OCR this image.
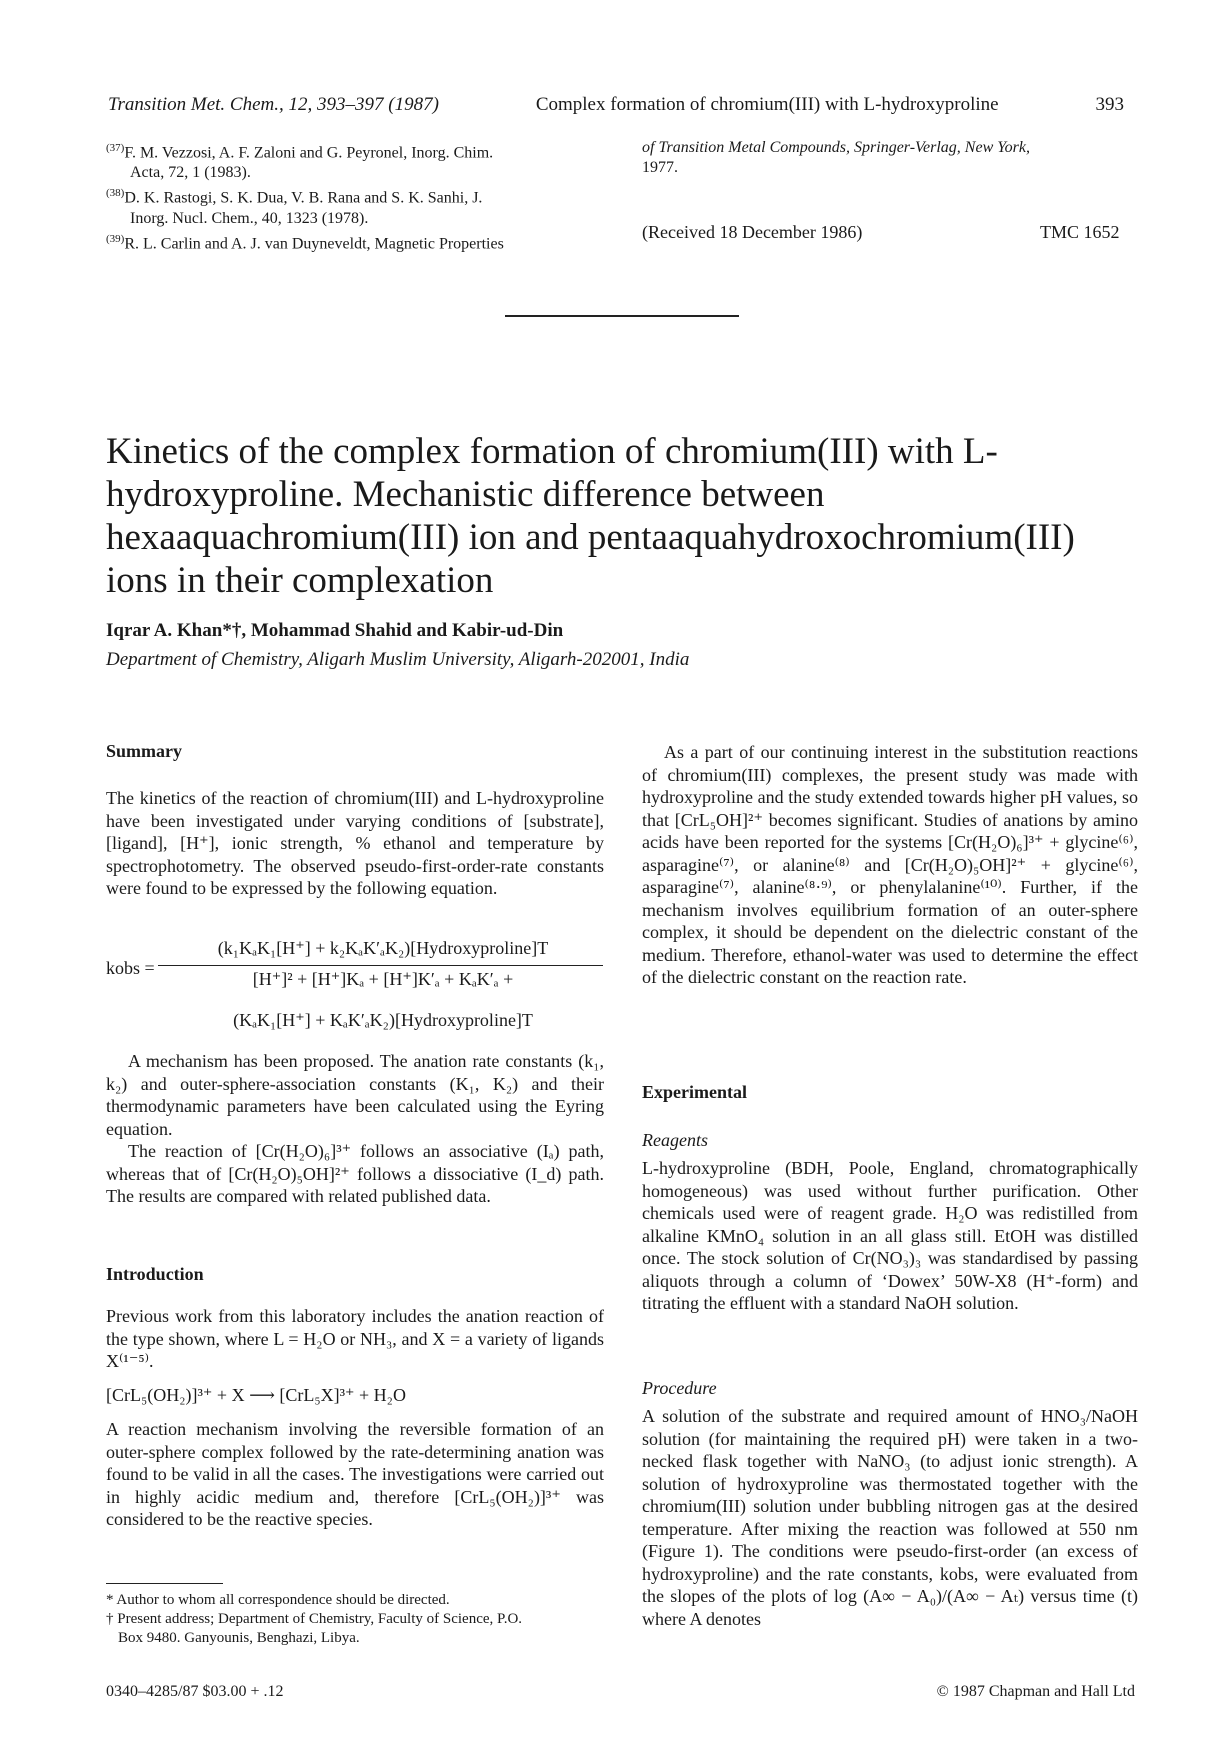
Transition Met. Chem., 12, 393–397 (1987)	Complex formation of chromium(III) with L-hydroxyproline	393
$^{(37)}$F. M. Vezzosi, A. F. Zaloni and G. Peyronel, Inorg. Chim.
Acta, 72, 1 (1983).
$^{(38)}$D. K. Rastogi, S. K. Dua, V. B. Rana and S. K. Sanhi, J.
Inorg. Nucl. Chem., 40, 1323 (1978).
$^{(39)}$R. L. Carlin and A. J. van Duyneveldt, Magnetic Properties
of Transition Metal Compounds, Springer-Verlag, New York,
1977.
(Received 18 December 1986)	TMC 1652
Kinetics of the complex formation of chromium(III) with L-hydroxyproline. Mechanistic difference between hexaaquachromium(III) ion and pentaaquahydroxochromium(III) ions in their complexation
Iqrar A. Khan*†, Mohammad Shahid and Kabir-ud-Din
Department of Chemistry, Aligarh Muslim University, Aligarh-202001, India
Summary
The kinetics of the reaction of chromium(III) and L-hydroxyproline have been investigated under varying conditions of [substrate], [ligand], [H⁺], ionic strength, % ethanol and temperature by spectrophotometry. The observed pseudo-first-order-rate constants were found to be expressed by the following equation.
kobs =
(k₁KₐK₁[H⁺] + k₂KₐK′ₐK₂)[Hydroxyproline]T
[H⁺]² + [H⁺]Kₐ + [H⁺]K′ₐ + KₐK′ₐ +
(KₐK₁[H⁺] + KₐK′ₐK₂)[Hydroxyproline]T
A mechanism has been proposed. The anation rate constants (k₁, k₂) and outer-sphere-association constants (K₁, K₂) and their thermodynamic parameters have been calculated using the Eyring equation.
The reaction of [Cr(H₂O)₆]³⁺ follows an associative (Iₐ) path, whereas that of [Cr(H₂O)₅OH]²⁺ follows a dissociative (I_d) path. The results are compared with related published data.
Introduction
Previous work from this laboratory includes the anation reaction of the type shown, where L = H₂O or NH₃, and X = a variety of ligands X⁽¹⁻⁵⁾.
[CrL₅(OH₂)]³⁺ + X ⟶ [CrL₅X]³⁺ + H₂O
A reaction mechanism involving the reversible formation of an outer-sphere complex followed by the rate-determining anation was found to be valid in all the cases. The investigations were carried out in highly acidic medium and, therefore [CrL₅(OH₂)]³⁺ was considered to be the reactive species.
* Author to whom all correspondence should be directed.
† Present address; Department of Chemistry, Faculty of Science, P.O.
Box 9480. Ganyounis, Benghazi, Libya.
As a part of our continuing interest in the substitution reactions of chromium(III) complexes, the present study was made with hydroxyproline and the study extended towards higher pH values, so that [CrL₅OH]²⁺ becomes significant. Studies of anations by amino acids have been reported for the systems [Cr(H₂O)₆]³⁺ + glycine⁽⁶⁾, asparagine⁽⁷⁾, or alanine⁽⁸⁾ and [Cr(H₂O)₅OH]²⁺ + glycine⁽⁶⁾, asparagine⁽⁷⁾, alanine⁽⁸·⁹⁾, or phenylalanine⁽¹⁰⁾. Further, if the mechanism involves equilibrium formation of an outer-sphere complex, it should be dependent on the dielectric constant of the medium. Therefore, ethanol-water was used to determine the effect of the dielectric constant on the reaction rate.
Experimental
Reagents
L-hydroxyproline (BDH, Poole, England, chromatographically homogeneous) was used without further purification. Other chemicals used were of reagent grade. H₂O was redistilled from alkaline KMnO₄ solution in an all glass still. EtOH was distilled once. The stock solution of Cr(NO₃)₃ was standardised by passing aliquots through a column of ‘Dowex’ 50W-X8 (H⁺-form) and titrating the effluent with a standard NaOH solution.
Procedure
A solution of the substrate and required amount of HNO₃/NaOH solution (for maintaining the required pH) were taken in a two-necked flask together with NaNO₃ (to adjust ionic strength). A solution of hydroxyproline was thermostated together with the chromium(III) solution under bubbling nitrogen gas at the desired temperature. After mixing the reaction was followed at 550 nm (Figure 1). The conditions were pseudo-first-order (an excess of hydroxyproline) and the rate constants, kobs, were evaluated from the slopes of the plots of log (A∞ − A₀)/(A∞ − Aₜ) versus time (t) where A denotes
0340–4285/87 $03.00 + .12	© 1987 Chapman and Hall Ltd
